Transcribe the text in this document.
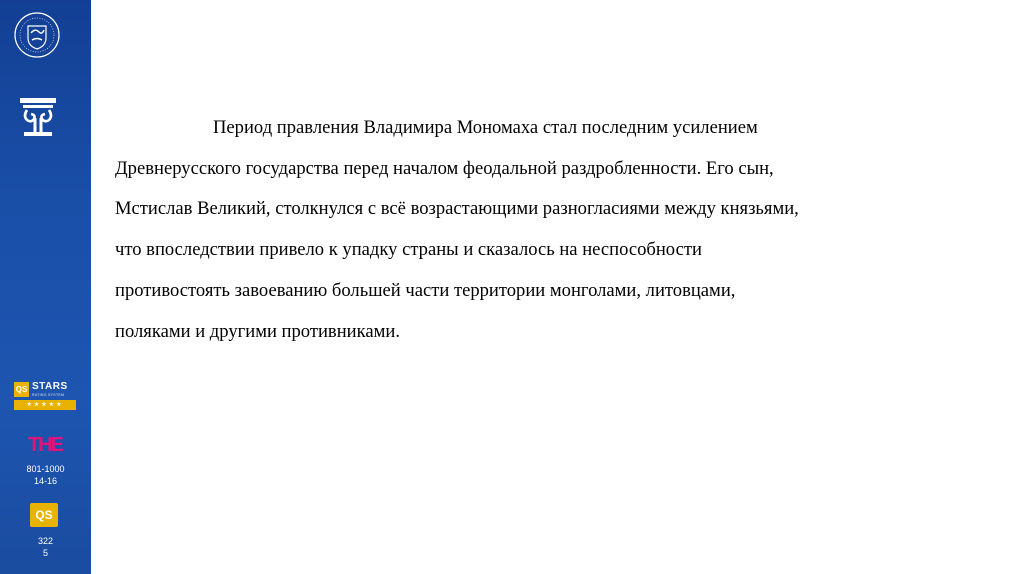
QS STARS
RATING SYSTEM
★★★★★
THE
801-1000
14-16
QS
322
5

Период правления Владимира Мономаха стал последним усилением

Древнерусского государства перед началом феодальной раздробленности. Его сын,

Мстислав Великий, столкнулся с всё возрастающими разногласиями между князьями,

что впоследствии привело к упадку страны и сказалось на неспособности

противостоять завоеванию большей части территории монголами, литовцами,

поляками и другими противниками.
